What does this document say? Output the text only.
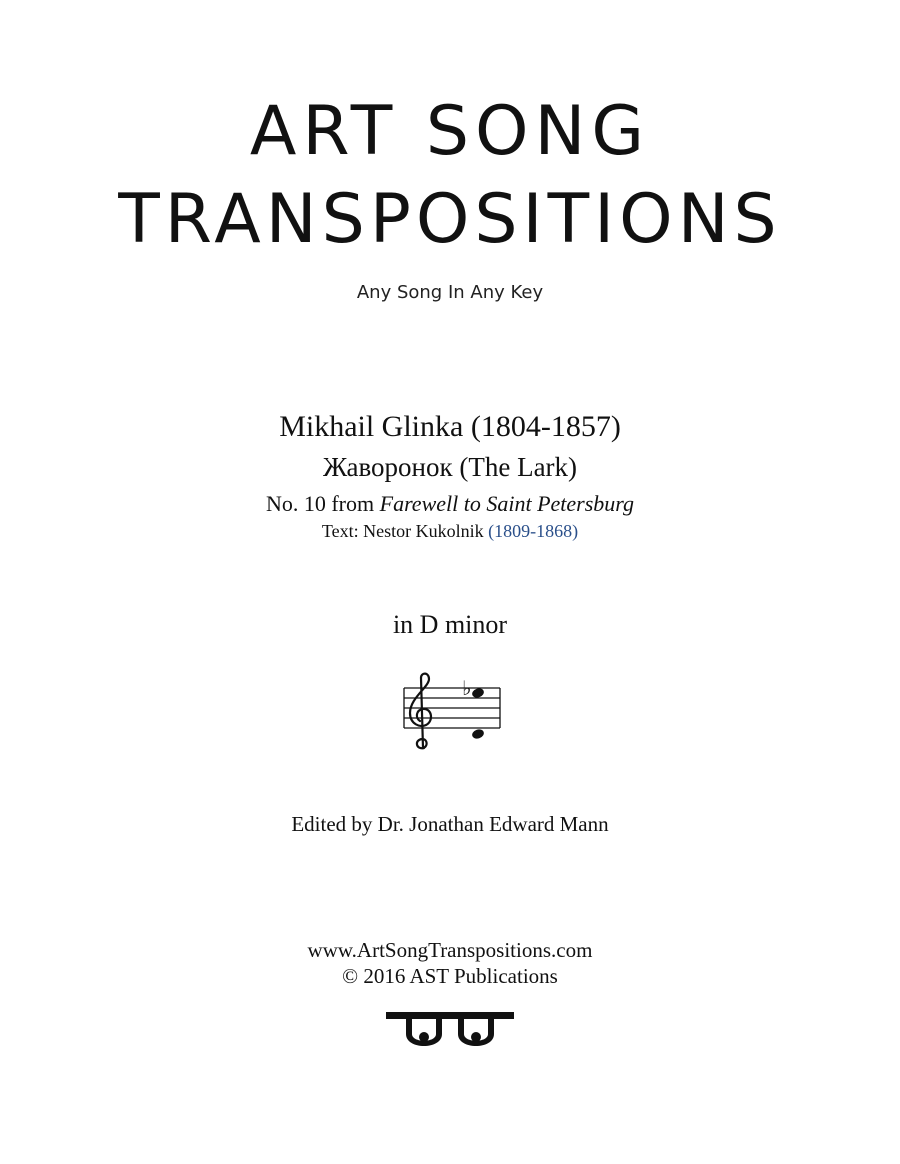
ART SONG
TRANSPOSITIONS
Any Song In Any Key
Mikhail Glinka (1804-1857)
Жаворонок (The Lark)
No. 10 from Farewell to Saint Petersburg
Text: Nestor Kukolnik (1809-1868)
in D minor
♭
Edited by Dr. Jonathan Edward Mann
www.ArtSongTranspositions.com
© 2016 AST Publications
